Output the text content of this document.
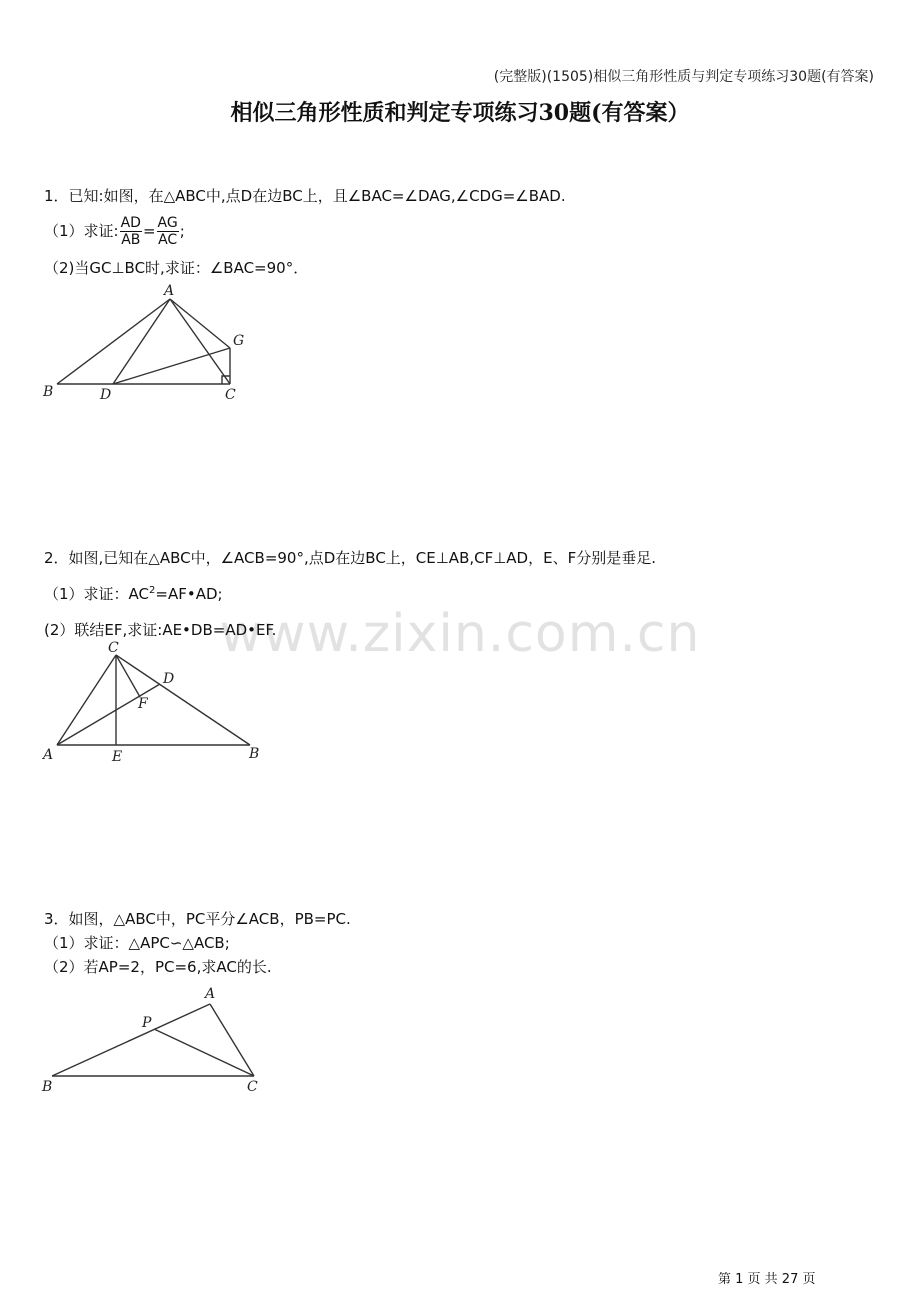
(完整版)(1505)相似三角形性质与判定专项练习30题(有答案)
相似三角形性质和判定专项练习30题(有答案）
www.zixin.com.cn
1．已知:如图，在△ABC中,点D在边BC上，且∠BAC=∠DAG,∠CDG=∠BAD.
（1）求证: $\frac{AD}{AB} = \frac{AG}{AC}$ ;
（2)当GC⊥BC时,求证：∠BAC=90°．
A
B	D	C
G
C
D
F
A	E	B
A
P
B	C
2．如图,已知在△ABC中，∠ACB=90°,点D在边BC上，CE⊥AB,CF⊥AD，E、F分别是垂足.
（1）求证：$AC^2=AF•AD$;
(2）联结EF,求证:AE•DB=AD•EF.
3．如图，△ABC中，PC平分∠ACB，PB=PC.
（1）求证：△APC∽△ACB;
（2）若AP=2，PC=6,求AC的长.
第 1 页 共 27 页
